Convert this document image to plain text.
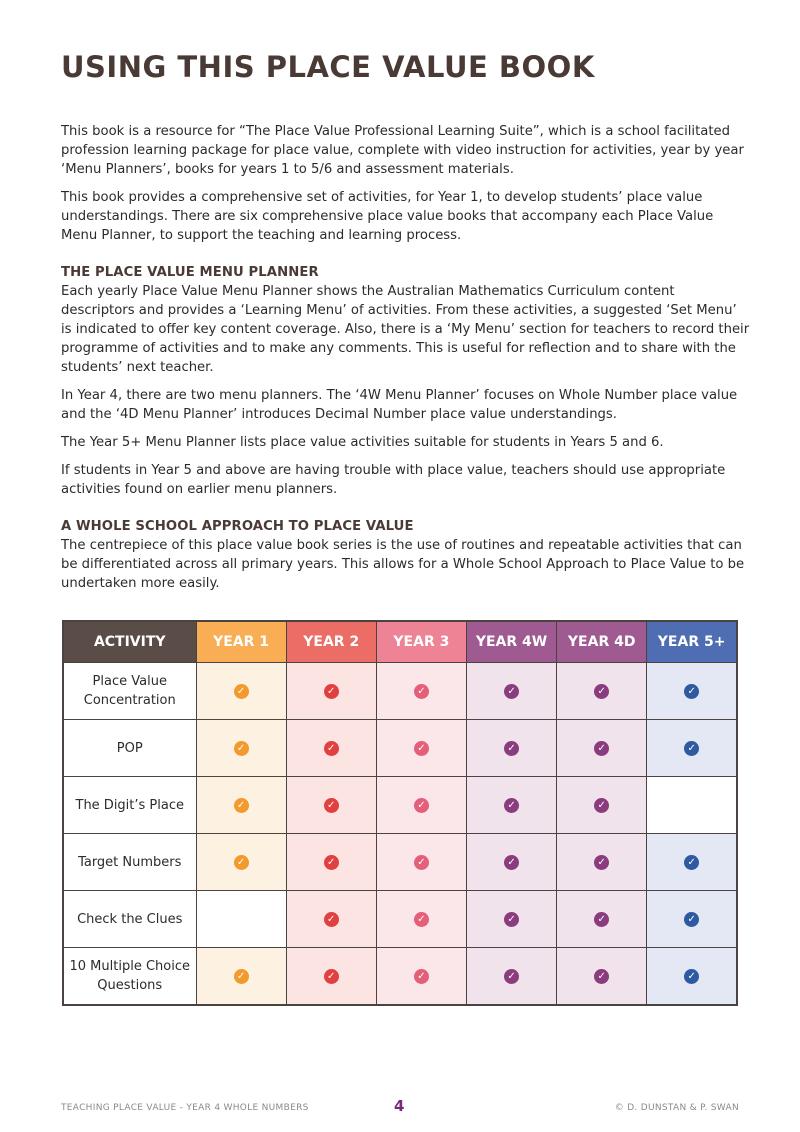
USING THIS PLACE VALUE BOOK

This book is a resource for “The Place Value Professional Learning Suite”, which is a school facilitated profession learning package for place value, complete with video instruction for activities, year by year ‘Menu Planners’, books for years 1 to 5/6 and assessment materials.

This book provides a comprehensive set of activities, for Year 1, to develop students’ place value understandings. There are six comprehensive place value books that accompany each Place Value Menu Planner, to support the teaching and learning process.

THE PLACE VALUE MENU PLANNER

Each yearly Place Value Menu Planner shows the Australian Mathematics Curriculum content descriptors and provides a ‘Learning Menu’ of activities. From these activities, a suggested ‘Set Menu’ is indicated to offer key content coverage. Also, there is a ‘My Menu’ section for teachers to record their programme of activities and to make any comments. This is useful for reflection and to share with the students’ next teacher.

In Year 4, there are two menu planners. The ‘4W Menu Planner’ focuses on Whole Number place value and the ‘4D Menu Planner’ introduces Decimal Number place value understandings.

The Year 5+ Menu Planner lists place value activities suitable for students in Years 5 and 6.

If students in Year 5 and above are having trouble with place value, teachers should use appropriate activities found on earlier menu planners.

A WHOLE SCHOOL APPROACH TO PLACE VALUE

The centrepiece of this place value book series is the use of routines and repeatable activities that can be differentiated across all primary years. This allows for a Whole School Approach to Place Value to be undertaken more easily.

ACTIVITY	YEAR 1	YEAR 2	YEAR 3	YEAR 4W	YEAR 4D	YEAR 5+
Place Value Concentration	✓	✓	✓	✓	✓	✓
POP	✓	✓	✓	✓	✓	✓
The Digit’s Place	✓	✓	✓	✓	✓	
Target Numbers	✓	✓	✓	✓	✓	✓
Check the Clues		✓	✓	✓	✓	✓
10 Multiple Choice Questions	✓	✓	✓	✓	✓	✓
TEACHING PLACE VALUE - YEAR 4 WHOLE NUMBERS	4	© D. DUNSTAN & P. SWAN
